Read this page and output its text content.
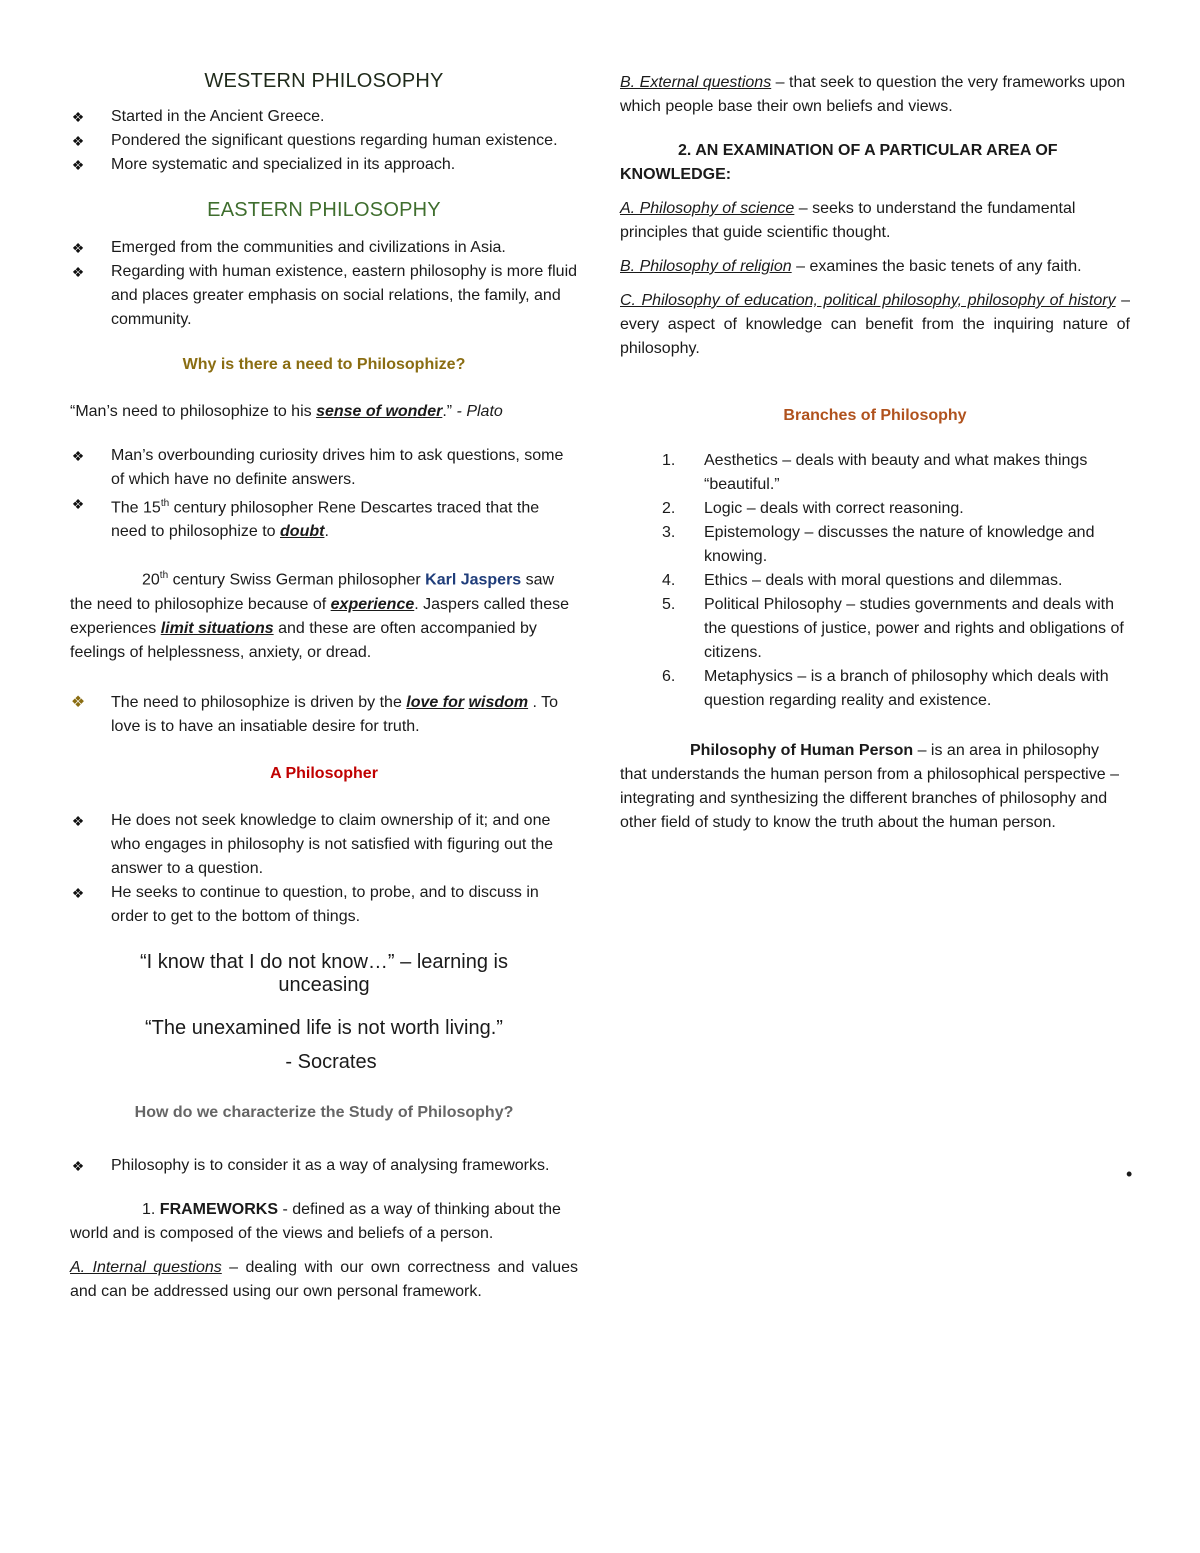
WESTERN PHILOSOPHY
❖ Started in the Ancient Greece.
❖ Pondered the significant questions regarding human existence.
❖ More systematic and specialized in its approach.
EASTERN PHILOSOPHY
❖ Emerged from the communities and civilizations in Asia.
❖ Regarding with human existence, eastern philosophy is more fluid and places greater emphasis on social relations, the family, and community.
Why is there a need to Philosophize?

“Man’s need to philosophize to his sense of wonder.” - Plato

❖ Man’s overbounding curiosity drives him to ask questions, some of which have no definite answers.
❖ The 15th century philosopher Rene Descartes traced that the need to philosophize to doubt.

20th century Swiss German philosopher Karl Jaspers saw the need to philosophize because of experience. Jaspers called these experiences limit situations and these are often accompanied by feelings of helplessness, anxiety, or dread.

❖ The need to philosophize is driven by the love for wisdom . To love is to have an insatiable desire for truth.
A Philosopher
❖ He does not seek knowledge to claim ownership of it; and one who engages in philosophy is not satisfied with figuring out the answer to a question.
❖ He seeks to continue to question, to probe, and to discuss in order to get to the bottom of things.

“I know that I do not know…” – learning is unceasing

“The unexamined life is not worth living.”

- Socrates

How do we characterize the Study of Philosophy?
❖ Philosophy is to consider it as a way of analysing frameworks.

1. FRAMEWORKS - defined as a way of thinking about the world and is composed of the views and beliefs of a person.

A. Internal questions – dealing with our own correctness and values and can be addressed using our own personal framework.

B. External questions – that seek to question the very frameworks upon which people base their own beliefs and views.

2. AN EXAMINATION OF A PARTICULAR AREA OF KNOWLEDGE:

A. Philosophy of science – seeks to understand the fundamental principles that guide scientific thought.

B. Philosophy of religion – examines the basic tenets of any faith.

C. Philosophy of education, political philosophy, philosophy of history – every aspect of knowledge can benefit from the inquiring nature of philosophy.

Branches of Philosophy
1. Aesthetics – deals with beauty and what makes things “beautiful.”
2. Logic – deals with correct reasoning.
3. Epistemology – discusses the nature of knowledge and knowing.
4. Ethics – deals with moral questions and dilemmas.
5. Political Philosophy – studies governments and deals with the questions of justice, power and rights and obligations of citizens.
6. Metaphysics – is a branch of philosophy which deals with question regarding reality and existence.

Philosophy of Human Person – is an area in philosophy that understands the human person from a philosophical perspective – integrating and synthesizing the different branches of philosophy and other field of study to know the truth about the human person.

•
